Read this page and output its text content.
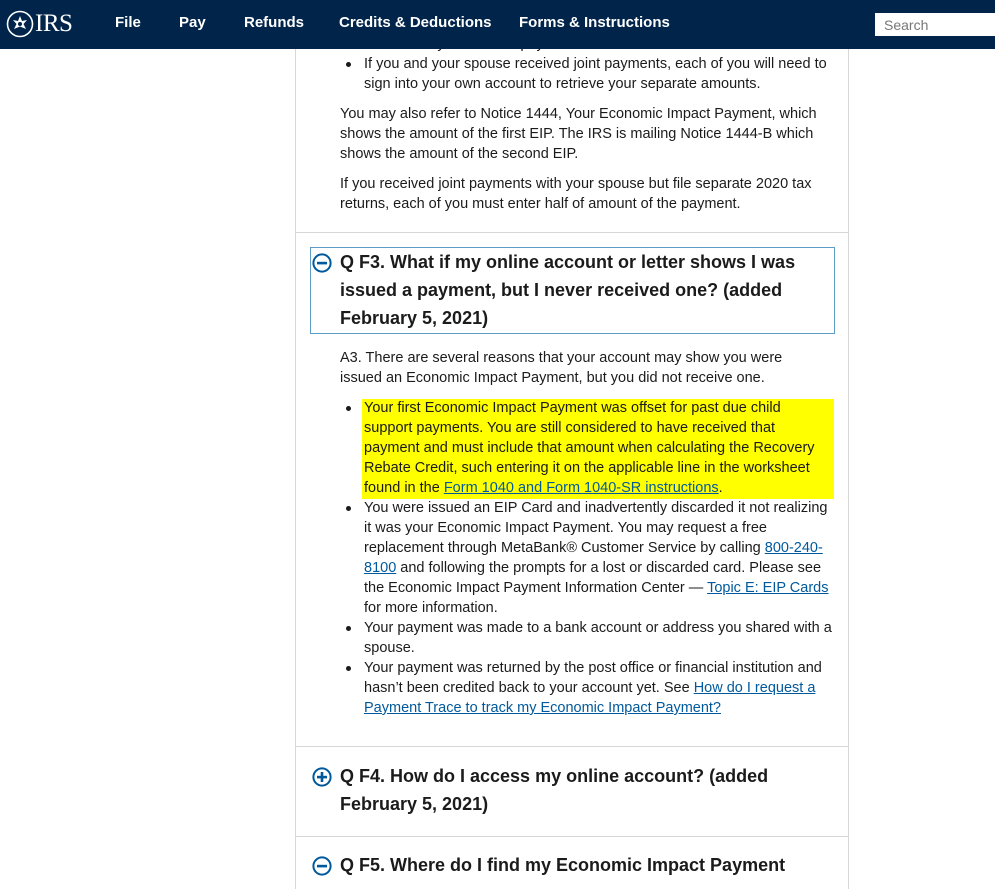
IRS	File	Pay	Refunds Credits & Deductions Forms & Instructions
Search

If you and your spouse received joint payments, each of you will need to sign into your own account to retrieve your separate amounts.

You may also refer to Notice 1444, Your Economic Impact Payment, which shows the amount of the first EIP. The IRS is mailing Notice 1444-B which shows the amount of the second EIP.

If you received joint payments with your spouse but file separate 2020 tax returns, each of you must enter half of amount of the payment.

Q F3. What if my online account or letter shows I was issued a payment, but I never received one? (added February 5, 2021)

A3. There are several reasons that your account may show you were issued an Economic Impact Payment, but you did not receive one.

Your first Economic Impact Payment was offset for past due child support payments. You are still considered to have received that payment and must include that amount when calculating the Recovery Rebate Credit, such entering it on the applicable line in the worksheet found in the Form 1040 and Form 1040-SR instructions.

You were issued an EIP Card and inadvertently discarded it not realizing it was your Economic Impact Payment. You may request a free replacement through MetaBank® Customer Service by calling 800-240-8100 and following the prompts for a lost or discarded card. Please see the Economic Impact Payment Information Center — Topic E: EIP Cards for more information.

Your payment was made to a bank account or address you shared with a spouse.

Your payment was returned by the post office or financial institution and hasn’t been credited back to your account yet. See How do I request a Payment Trace to track my Economic Impact Payment?

Q F4. How do I access my online account? (added February 5, 2021)

Q F5. Where do I find my Economic Impact Payment
